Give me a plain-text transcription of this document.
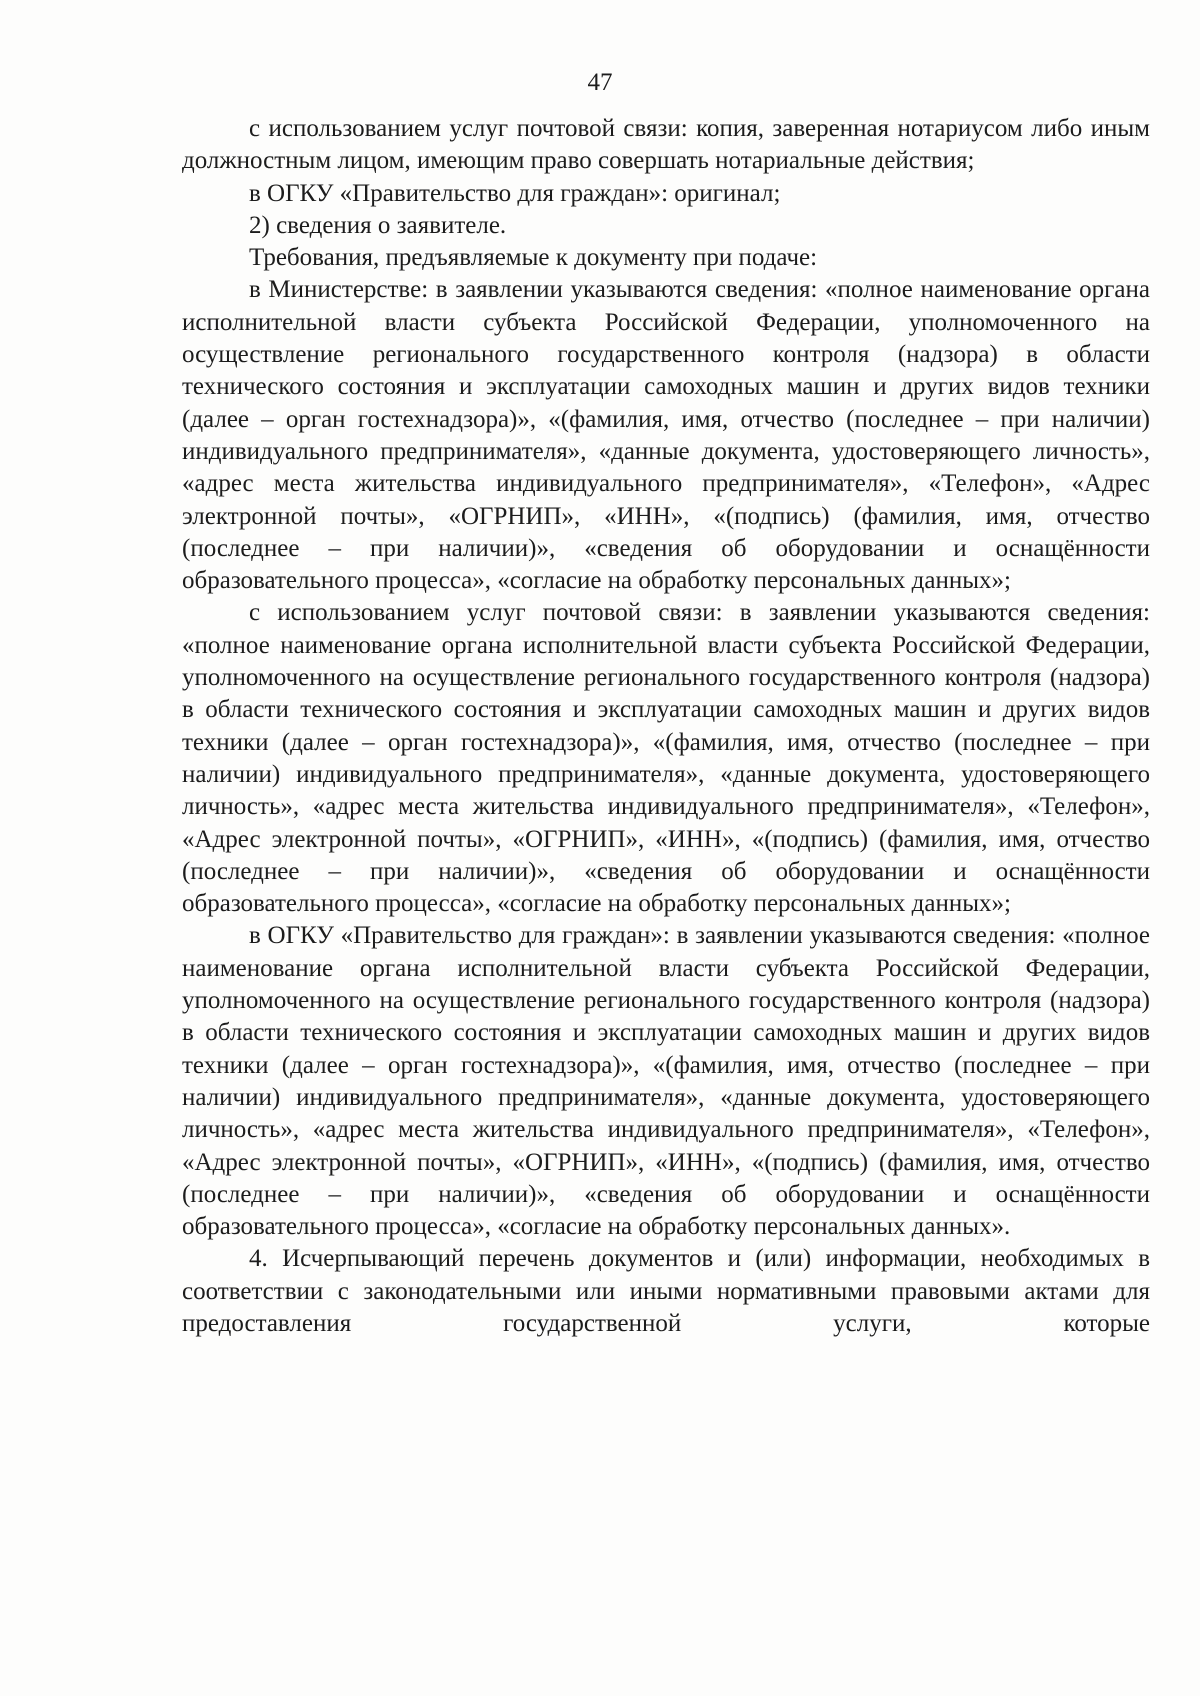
47

с использованием услуг почтовой связи: копия, заверенная нотариусом либо иным должностным лицом, имеющим право совершать нотариальные действия;

в ОГКУ «Правительство для граждан»: оригинал;

2) сведения о заявителе.

Требования, предъявляемые к документу при подаче:

в Министерстве: в заявлении указываются сведения: «полное наименование органа исполнительной власти субъекта Российской Федерации, уполномоченного на осуществление регионального государственного контроля (надзора) в области технического состояния и эксплуатации самоходных машин и других видов техники (далее – орган гостехнадзора)», «(фамилия, имя, отчество (последнее – при наличии) индивидуального предпринимателя», «данные документа, удостоверяющего личность», «адрес места жительства индивидуального предпринимателя», «Телефон», «Адрес электронной почты», «ОГРНИП», «ИНН», «(подпись) (фамилия, имя, отчество (последнее – при наличии)», «сведения об оборудовании и оснащённости образовательного процесса», «согласие на обработку персональных данных»;

с использованием услуг почтовой связи: в заявлении указываются сведения: «полное наименование органа исполнительной власти субъекта Российской Федерации, уполномоченного на осуществление регионального государственного контроля (надзора) в области технического состояния и эксплуатации самоходных машин и других видов техники (далее – орган гостехнадзора)», «(фамилия, имя, отчество (последнее – при наличии) индивидуального предпринимателя», «данные документа, удостоверяющего личность», «адрес места жительства индивидуального предпринимателя», «Телефон», «Адрес электронной почты», «ОГРНИП», «ИНН», «(подпись) (фамилия, имя, отчество (последнее – при наличии)», «сведения об оборудовании и оснащённости образовательного процесса», «согласие на обработку персональных данных»;

в ОГКУ «Правительство для граждан»: в заявлении указываются сведения: «полное наименование органа исполнительной власти субъекта Российской Федерации, уполномоченного на осуществление регионального государственного контроля (надзора) в области технического состояния и эксплуатации самоходных машин и других видов техники (далее – орган гостехнадзора)», «(фамилия, имя, отчество (последнее – при наличии) индивидуального предпринимателя», «данные документа, удостоверяющего личность», «адрес места жительства индивидуального предпринимателя», «Телефон», «Адрес электронной почты», «ОГРНИП», «ИНН», «(подпись) (фамилия, имя, отчество (последнее – при наличии)», «сведения об оборудовании и оснащённости образовательного процесса», «согласие на обработку персональных данных».

4. Исчерпывающий перечень документов и (или) информации, необходимых в соответствии с законодательными или иными нормативными правовыми актами для предоставления государственной услуги, которые
